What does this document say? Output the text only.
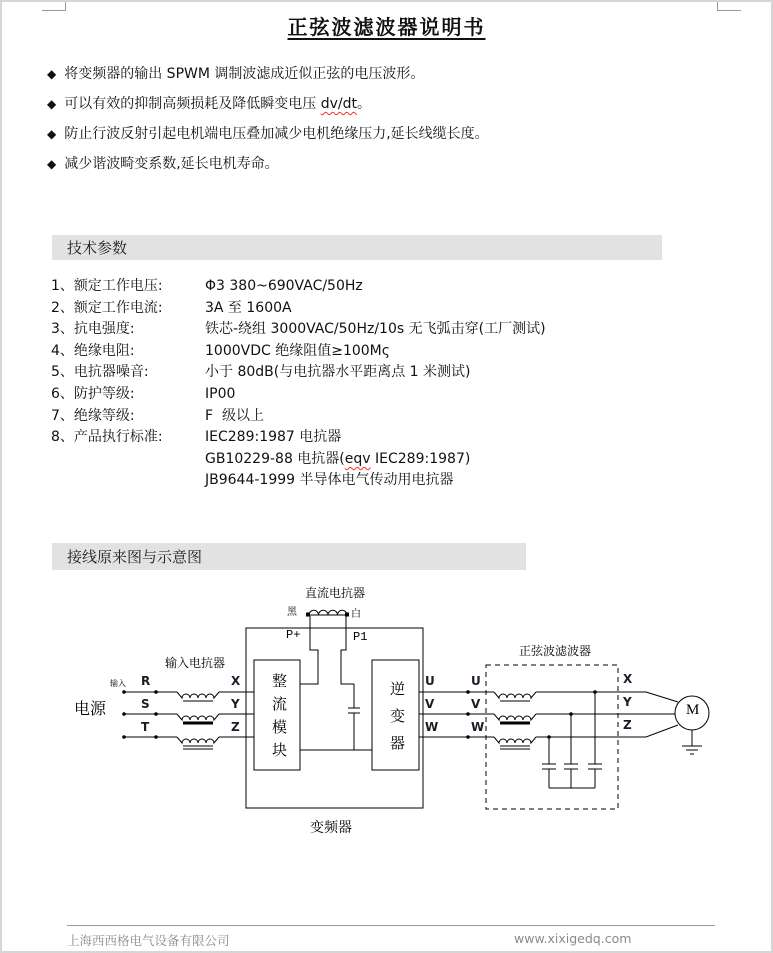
正弦波滤波器说明书
◆ 将变频器的输出 SPWM 调制波滤成近似正弦的电压波形。
◆ 可以有效的抑制高频损耗及降低瞬变电压 dv/dt。
◆ 防止行波反射引起电机端电压叠加减少电机绝缘压力,延长线缆长度。
◆ 减少谐波畸变系数,延长电机寿命。
技术参数
1、额定工作电压:	Φ3 380~690VAC/50Hz
2、额定工作电流:	3A 至 1600A
3、抗电强度:	铁芯-绕组 3000VAC/50Hz/10s 无飞弧击穿(工厂测试)
4、绝缘电阻:	1000VDC 绝缘阻值≥100Mς
5、电抗器噪音:	小于 80dB(与电抗器水平距离点 1 米测试)
6、防护等级:	IP00
7、绝缘等级:	F  级以上
8、产品执行标准:	IEC289:1987 电抗器
GB10229-88 电抗器(eqv IEC289:1987)
JB9644-1999 半导体电气传动用电抗器
接线原来图与示意图
直流电抗器
黑	白
P+	P1
输入电抗器
电源
输入 R
S
T
X
Y
Z 整流模块	逆变器 U
V
W
U
V
W
正弦波滤波器
X
Y
Z
M
变频器
上海西西格电气设备有限公司	www.xixigedq.com
